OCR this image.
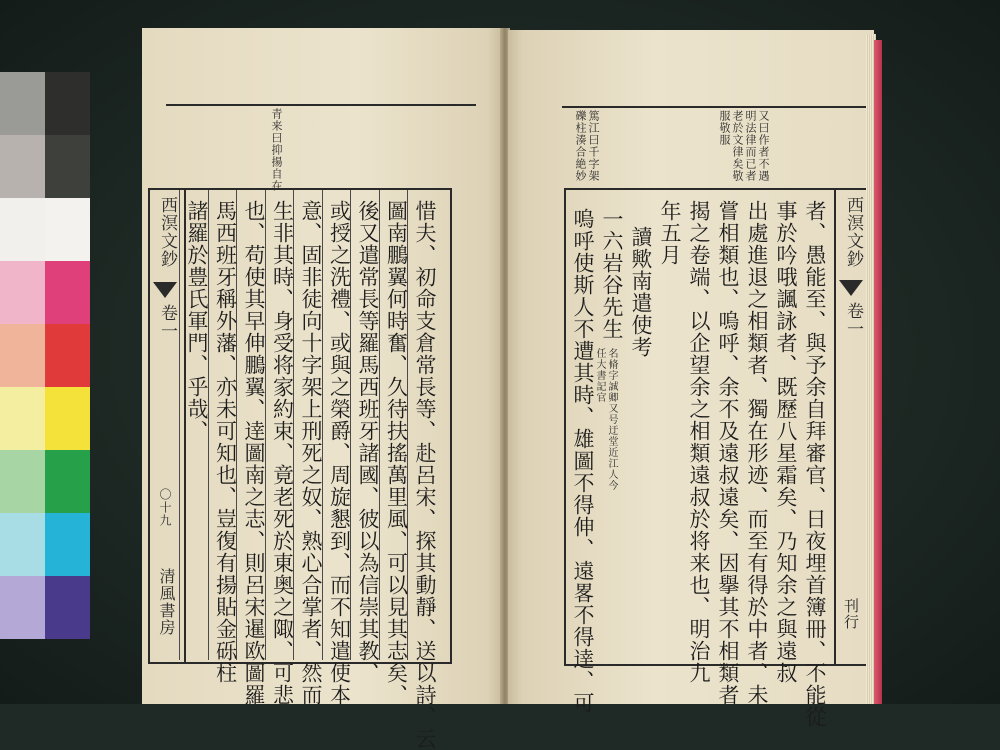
青来曰抑揚自在
西溟文鈔
卷一
〇十九
清風書房	惜夫、初命支倉常長等、赴呂宋、探其動靜、送以詩、云
圖南鵬翼何時奮、久待扶搖萬里風、可以見其志矣、
後又遣常長等羅馬西班牙諸國、彼以為信崇其教、
或授之洗禮、或與之榮爵、周旋懇到、而不知遣使本
意、固非徒向十字架上刑死之奴、熟心合掌者、然而
生非其時、身受将家約束、竟老死於東奥之陬、可悲
也、苟使其早伸鵬翼、逹圖南之志、則呂宋暹欧圖羅
馬西班牙稱外藩、亦未可知也、豈復有揚貼金砾柱
諸羅於豊氏軍門、乎哉、
又曰作者不遇明法律而已者老於文律矣敬服敬服
篤江曰千字架礫柱湊合絶妙
西溟文鈔
卷一
刊行
者、愚能至、與予余自拜審官、日夜埋首簿冊、不能從
事於吟哦諷詠者、既歷八星霜矣、乃知余之與遠叔
出處進退之相類者、獨在形迹、而至有得於中者、未
嘗相類也、嗚呼、余不及遠叔遠矣、因擧其不相類者
揭之卷端、以企望余之相類遠叔於将来也、明治九
年五月
讀歟南遣使考
一六岩谷先生
名脩字誠卿又号迂堂近江人今任大書記官
嗚呼使斯人不遭其時、雄圖不得伸、遠畧不得逹、可
